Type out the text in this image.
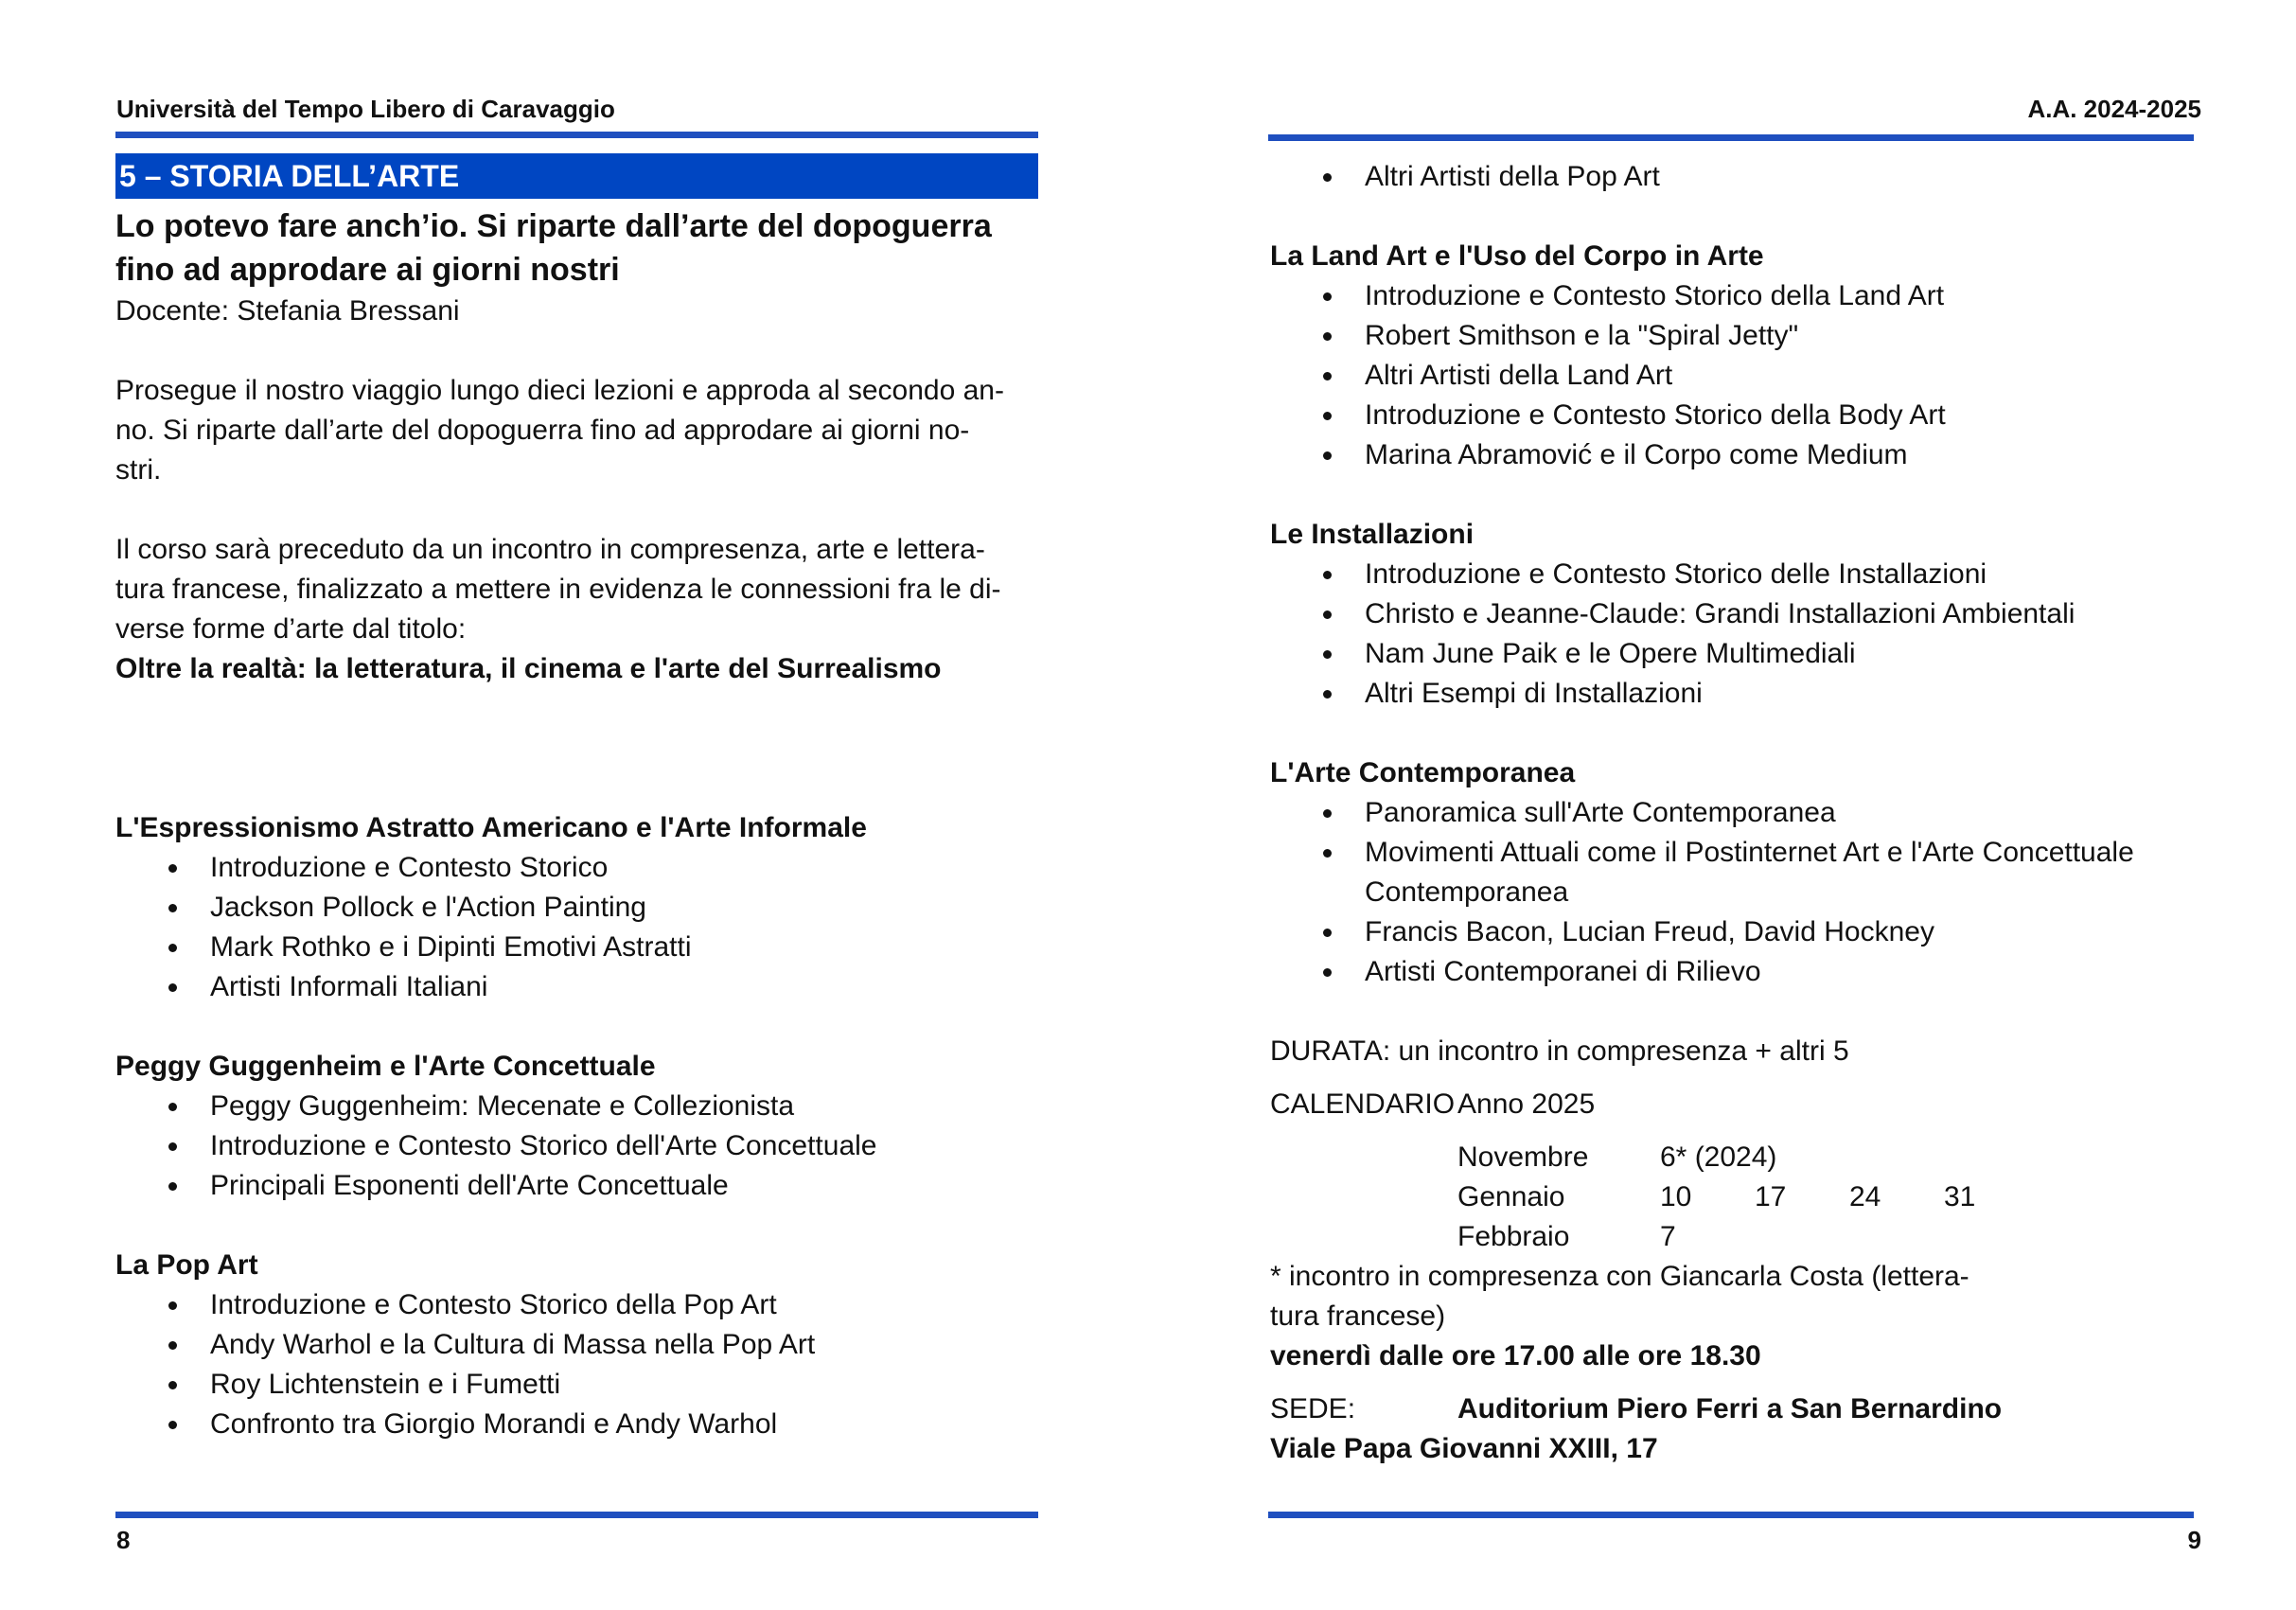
Università del Tempo Libero di Caravaggio
5 – STORIA DELL’ARTE
Lo potevo fare anch’io. Si riparte dall’arte del dopoguerra fino ad approdare ai giorni nostri

Docente: Stefania Bressani

Prosegue il nostro viaggio lungo dieci lezioni e approda al secondo an-

no. Si riparte dall’arte del dopoguerra fino ad approdare ai giorni no-

stri.

Il corso sarà preceduto da un incontro in compresenza, arte e lettera-

tura francese, finalizzato a mettere in evidenza le connessioni fra le di-

verse forme d’arte dal titolo:

Oltre la realtà: la letteratura, il cinema e l'arte del Surrealismo

L'Espressionismo Astratto Americano e l'Arte Informale

Introduzione e Contesto Storico
Jackson Pollock e l'Action Painting
Mark Rothko e i Dipinti Emotivi Astratti
Artisti Informali Italiani

Peggy Guggenheim e l'Arte Concettuale

Peggy Guggenheim: Mecenate e Collezionista
Introduzione e Contesto Storico dell'Arte Concettuale
Principali Esponenti dell'Arte Concettuale

La Pop Art

Introduzione e Contesto Storico della Pop Art
Andy Warhol e la Cultura di Massa nella Pop Art
Roy Lichtenstein e i Fumetti
Confronto tra Giorgio Morandi e Andy Warhol
8
A.A. 2024-2025
Altri Artisti della Pop Art

La Land Art e l'Uso del Corpo in Arte

Introduzione e Contesto Storico della Land Art
Robert Smithson e la "Spiral Jetty"
Altri Artisti della Land Art
Introduzione e Contesto Storico della Body Art
Marina Abramović e il Corpo come Medium

Le Installazioni

Introduzione e Contesto Storico delle Installazioni
Christo e Jeanne-Claude: Grandi Installazioni Ambientali
Nam June Paik e le Opere Multimediali
Altri Esempi di Installazioni

L'Arte Contemporanea

Panoramica sull'Arte Contemporanea
Movimenti Attuali come il Postinternet Art e l'Arte Concettuale Contemporanea
Francis Bacon, Lucian Freud, David Hockney
Artisti Contemporanei di Rilievo

DURATA: un incontro in compresenza + altri 5

CALENDARIO Anno 2025
Novembre	6* (2024)
Gennaio	10	17	24	31
Febbraio	7

* incontro in compresenza con Giancarla Costa (lettera-

tura francese)

venerdì dalle ore 17.00 alle ore 18.30

SEDE:	Auditorium Piero Ferri a San Bernardino

Viale Papa Giovanni XXIII, 17

9
